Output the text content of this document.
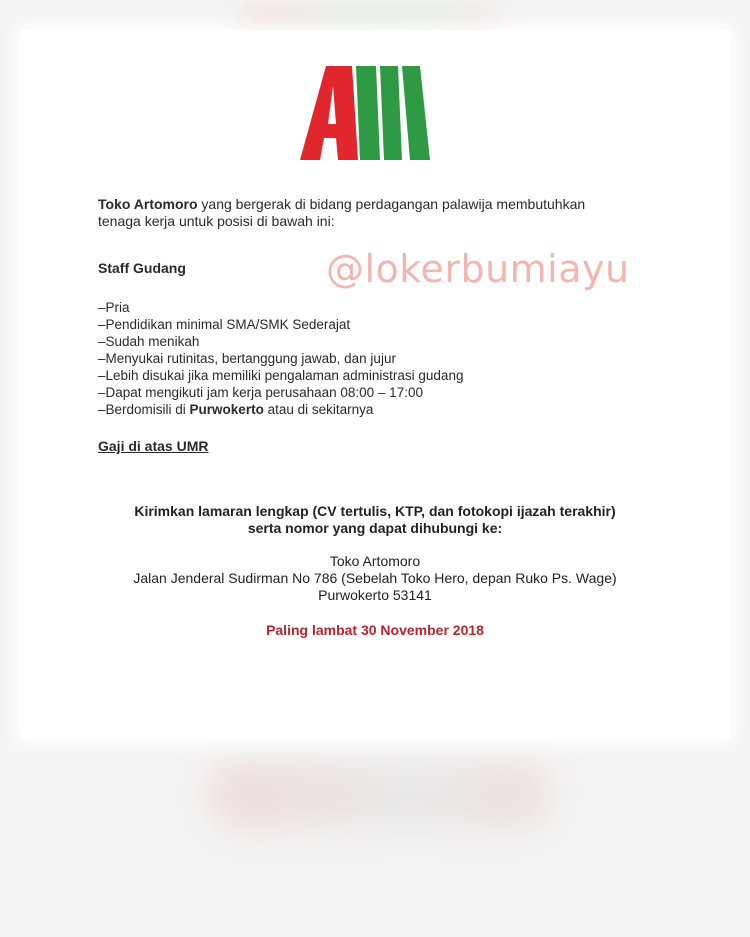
@lokerbumiayu
Toko Artomoro yang bergerak di bidang perdagangan palawija membutuhkan
tenaga kerja untuk posisi di bawah ini:
Staff Gudang
– Pria
– Pendidikan minimal SMA/SMK Sederajat
– Sudah menikah
– Menyukai rutinitas, bertanggung jawab, dan jujur
– Lebih disukai jika memiliki pengalaman administrasi gudang
– Dapat mengikuti jam kerja perusahaan 08:00 – 17:00
– Berdomisili di Purwokerto atau di sekitarnya
Gaji di atas UMR
Kirimkan lamaran lengkap (CV tertulis, KTP, dan fotokopi ijazah terakhir)
serta nomor yang dapat dihubungi ke:
Toko Artomoro
Jalan Jenderal Sudirman No 786 (Sebelah Toko Hero, depan Ruko Ps. Wage)
Purwokerto 53141
Paling lambat 30 November 2018
